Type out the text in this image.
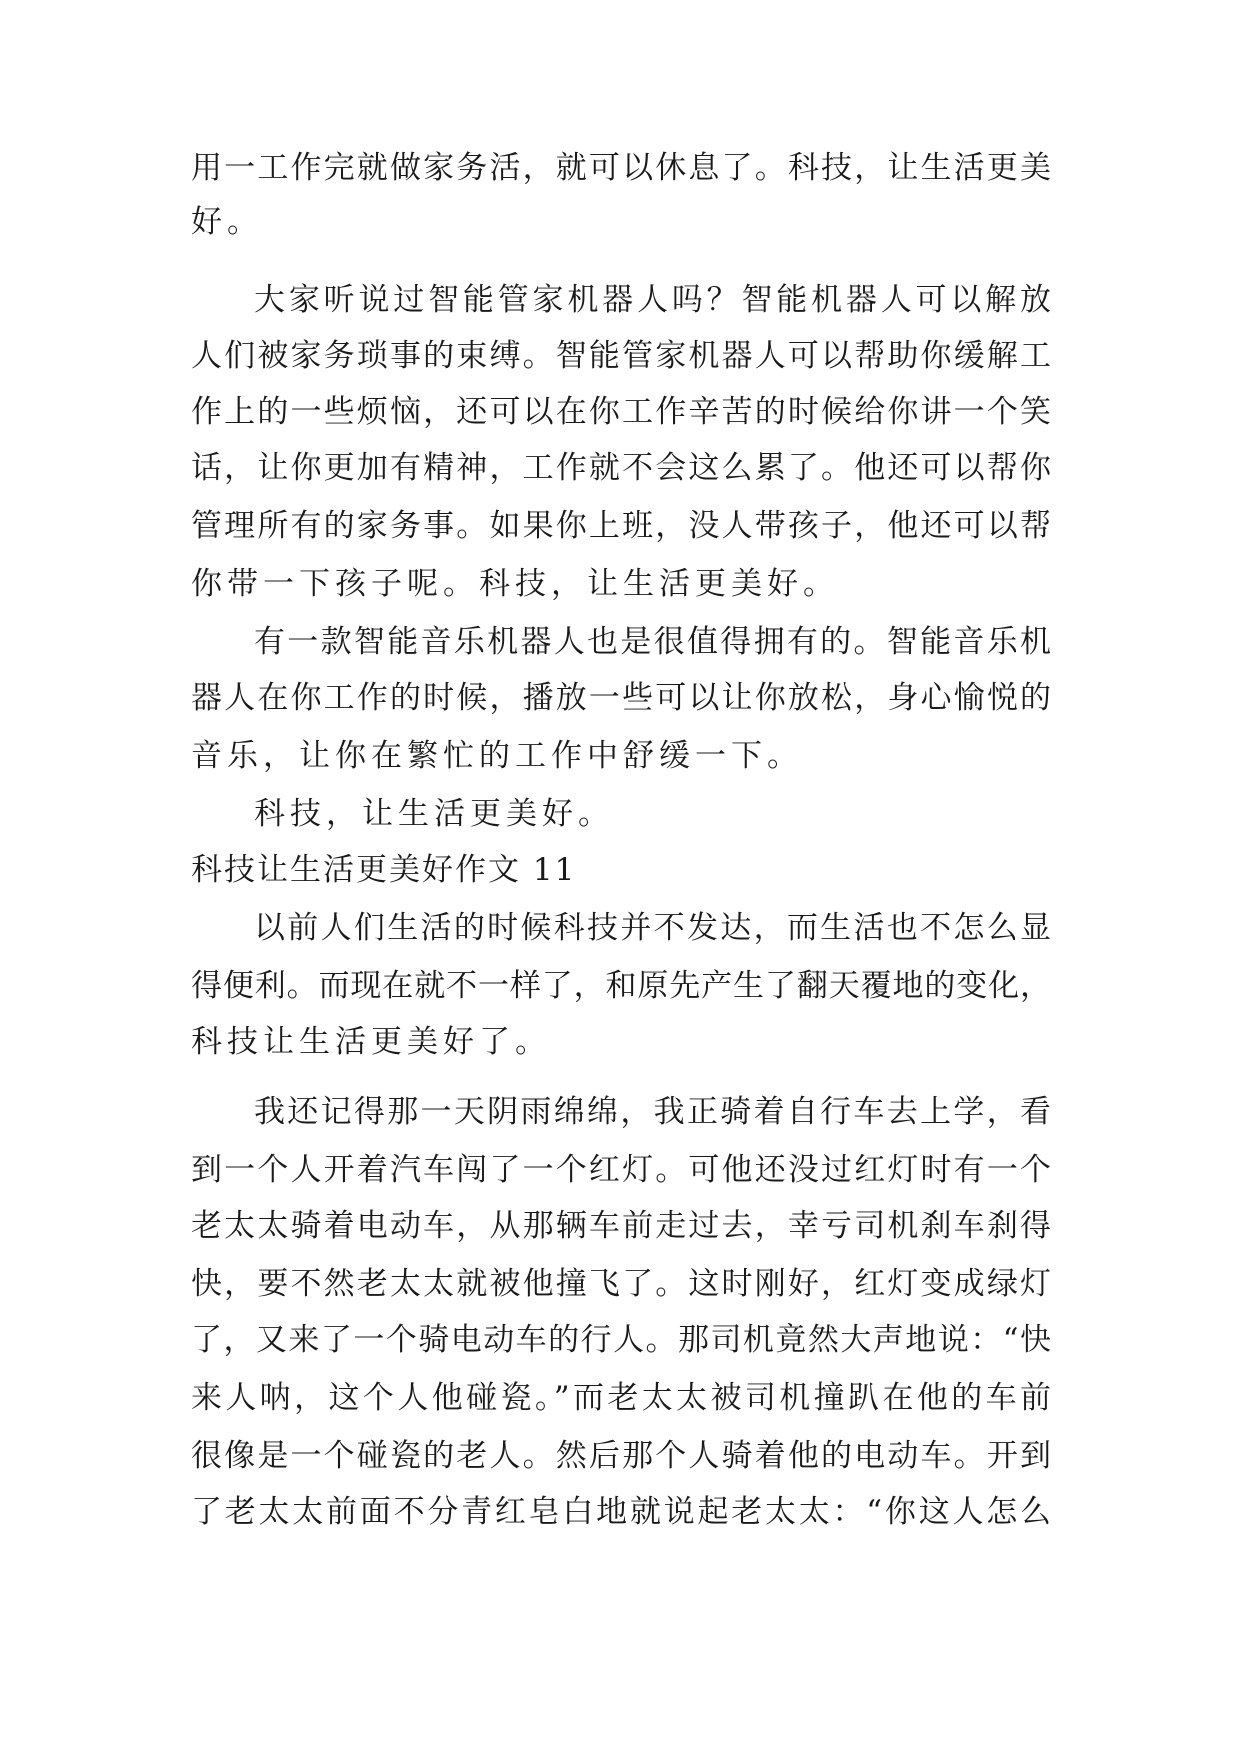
用一工作完就做家务活，就可以休息了。科技，让生活更美
好。
大家听说过智能管家机器人吗？智能机器人可以解放
人们被家务琐事的束缚。智能管家机器人可以帮助你缓解工
作上的一些烦恼，还可以在你工作辛苦的时候给你讲一个笑
话，让你更加有精神，工作就不会这么累了。他还可以帮你
管理所有的家务事。如果你上班，没人带孩子，他还可以帮
你带一下孩子呢。科技，让生活更美好。
有一款智能音乐机器人也是很值得拥有的。智能音乐机
器人在你工作的时候，播放一些可以让你放松，身心愉悦的
音乐，让你在繁忙的工作中舒缓一下。
科技，让生活更美好。
科技让生活更美好作文 11
以前人们生活的时候科技并不发达，而生活也不怎么显
得便利。而现在就不一样了，和原先产生了翻天覆地的变化，
科技让生活更美好了。
我还记得那一天阴雨绵绵，我正骑着自行车去上学，看
到一个人开着汽车闯了一个红灯。可他还没过红灯时有一个
老太太骑着电动车，从那辆车前走过去，幸亏司机刹车刹得
快，要不然老太太就被他撞飞了。这时刚好，红灯变成绿灯
了，又来了一个骑电动车的行人。那司机竟然大声地说：“快
来人呐，这个人他碰瓷。”而老太太被司机撞趴在他的车前
很像是一个碰瓷的老人。然后那个人骑着他的电动车。开到
了老太太前面不分青红皂白地就说起老太太：“你这人怎么
